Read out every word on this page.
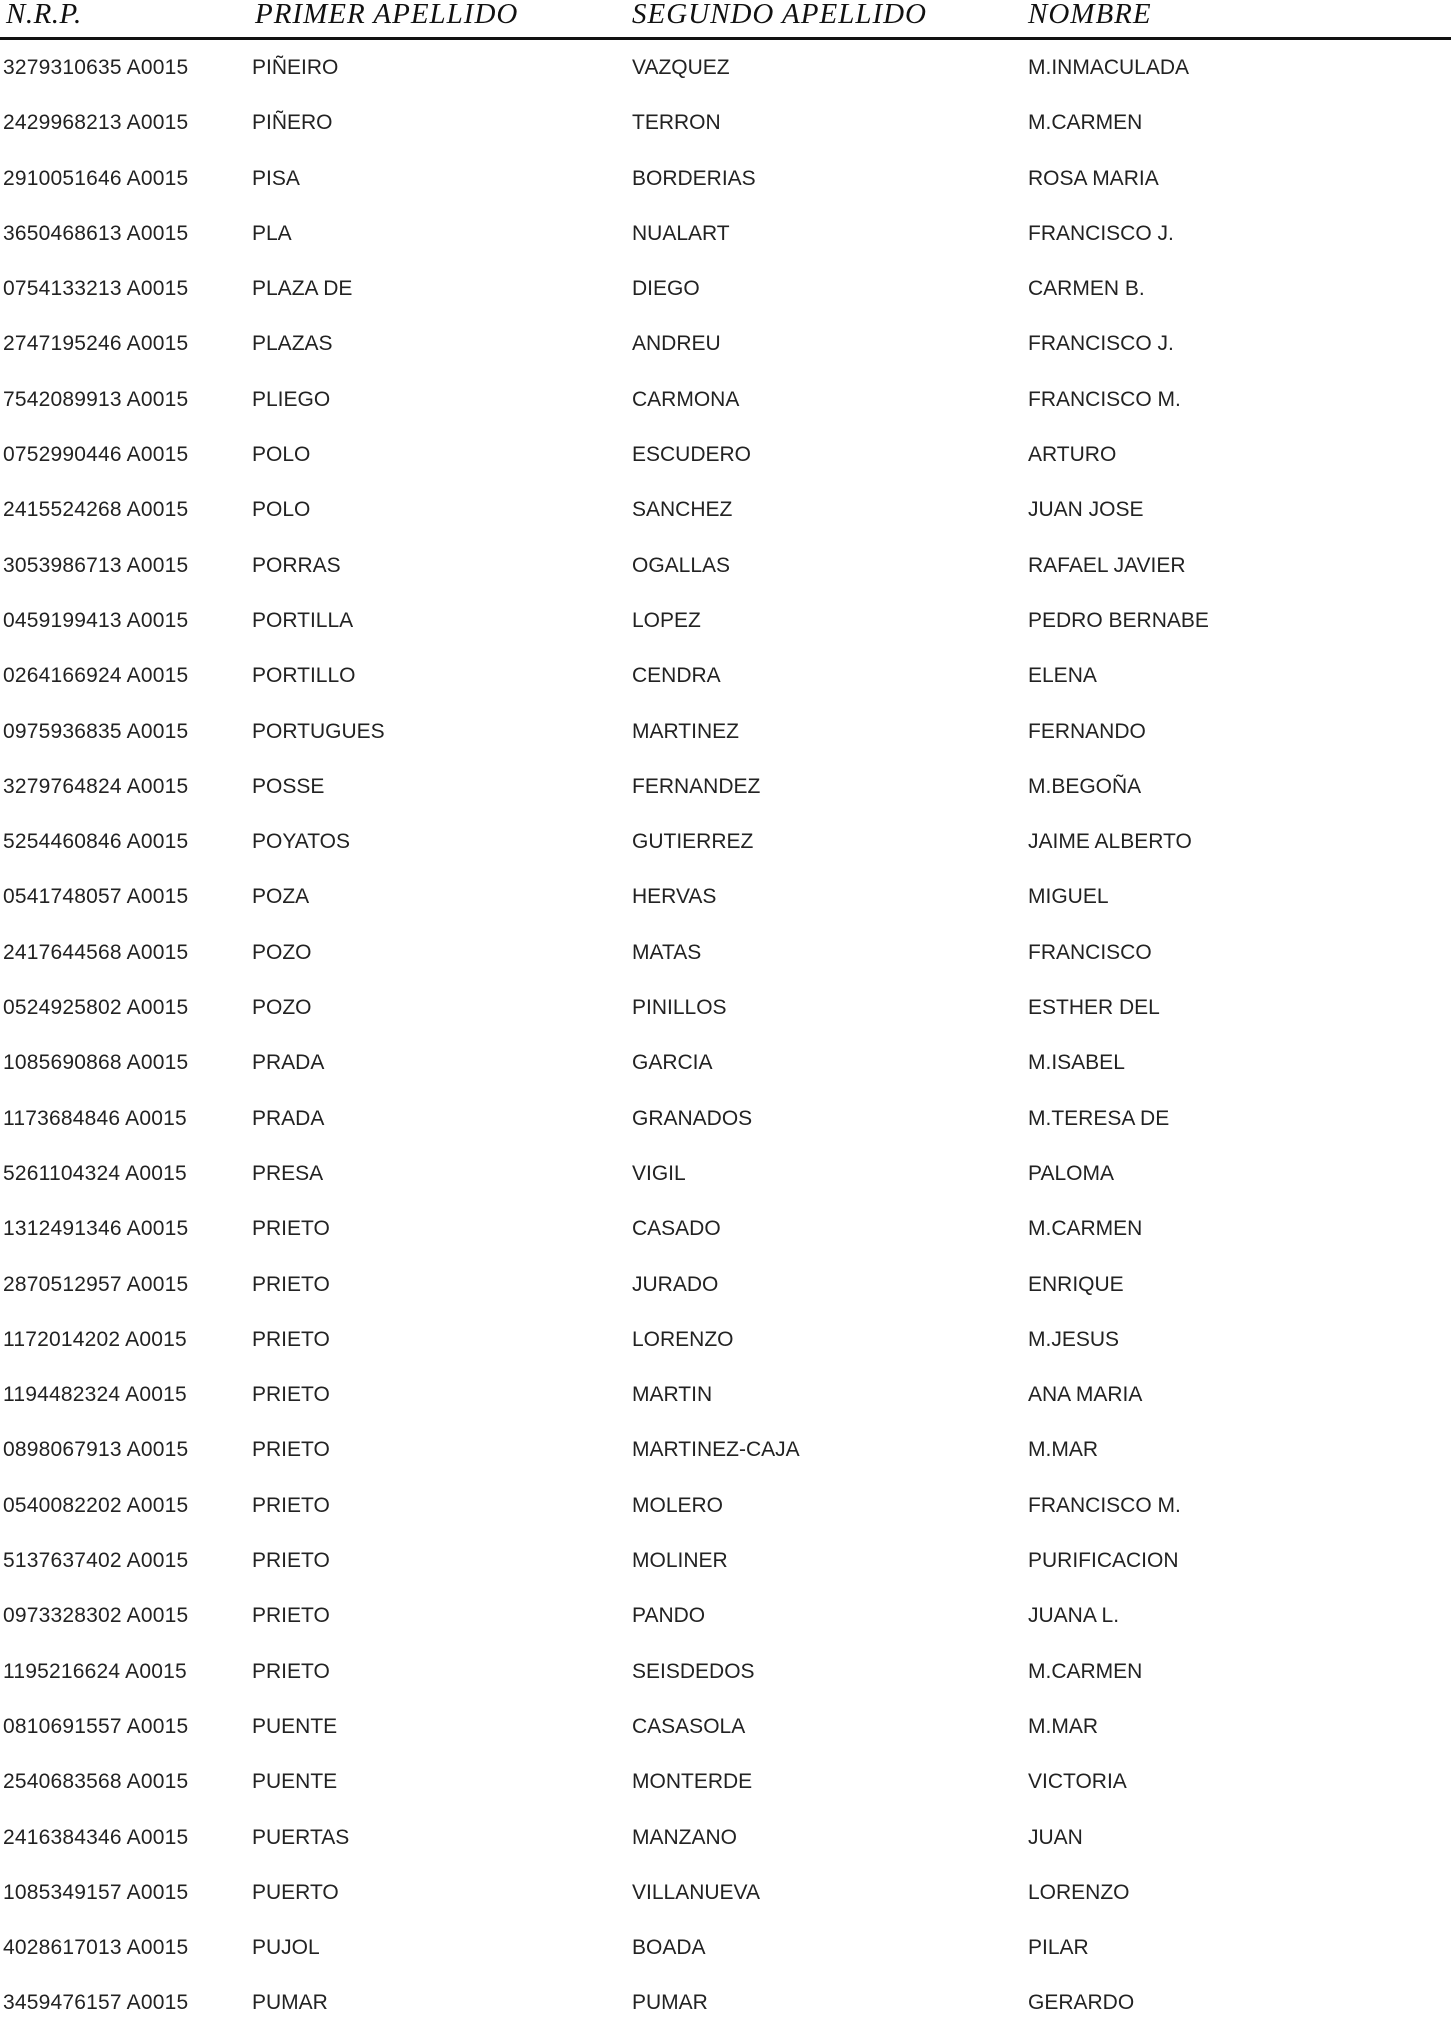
N.R.P.	PRIMER APELLIDO	SEGUNDO APELLIDO	NOMBRE
3279310635 A0015	PIÑEIRO	VAZQUEZ	M.INMACULADA
2429968213 A0015	PIÑERO	TERRON	M.CARMEN
2910051646 A0015	PISA	BORDERIAS	ROSA MARIA
3650468613 A0015	PLA	NUALART	FRANCISCO J.
0754133213 A0015	PLAZA DE	DIEGO	CARMEN B.
2747195246 A0015	PLAZAS	ANDREU	FRANCISCO J.
7542089913 A0015	PLIEGO	CARMONA	FRANCISCO M.
0752990446 A0015	POLO	ESCUDERO	ARTURO
2415524268 A0015	POLO	SANCHEZ	JUAN JOSE
3053986713 A0015	PORRAS	OGALLAS	RAFAEL JAVIER
0459199413 A0015	PORTILLA	LOPEZ	PEDRO BERNABE
0264166924 A0015	PORTILLO	CENDRA	ELENA
0975936835 A0015	PORTUGUES	MARTINEZ	FERNANDO
3279764824 A0015	POSSE	FERNANDEZ	M.BEGOÑA
5254460846 A0015	POYATOS	GUTIERREZ	JAIME ALBERTO
0541748057 A0015	POZA	HERVAS	MIGUEL
2417644568 A0015	POZO	MATAS	FRANCISCO
0524925802 A0015	POZO	PINILLOS	ESTHER DEL
1085690868 A0015	PRADA	GARCIA	M.ISABEL
1173684846 A0015	PRADA	GRANADOS	M.TERESA DE
5261104324 A0015	PRESA	VIGIL	PALOMA
1312491346 A0015	PRIETO	CASADO	M.CARMEN
2870512957 A0015	PRIETO	JURADO	ENRIQUE
1172014202 A0015	PRIETO	LORENZO	M.JESUS
1194482324 A0015	PRIETO	MARTIN	ANA MARIA
0898067913 A0015	PRIETO	MARTINEZ-CAJA	M.MAR
0540082202 A0015	PRIETO	MOLERO	FRANCISCO M.
5137637402 A0015	PRIETO	MOLINER	PURIFICACION
0973328302 A0015	PRIETO	PANDO	JUANA L.
1195216624 A0015	PRIETO	SEISDEDOS	M.CARMEN
0810691557 A0015	PUENTE	CASASOLA	M.MAR
2540683568 A0015	PUENTE	MONTERDE	VICTORIA
2416384346 A0015	PUERTAS	MANZANO	JUAN
1085349157 A0015	PUERTO	VILLANUEVA	LORENZO
4028617013 A0015	PUJOL	BOADA	PILAR
3459476157 A0015	PUMAR	PUMAR	GERARDO
